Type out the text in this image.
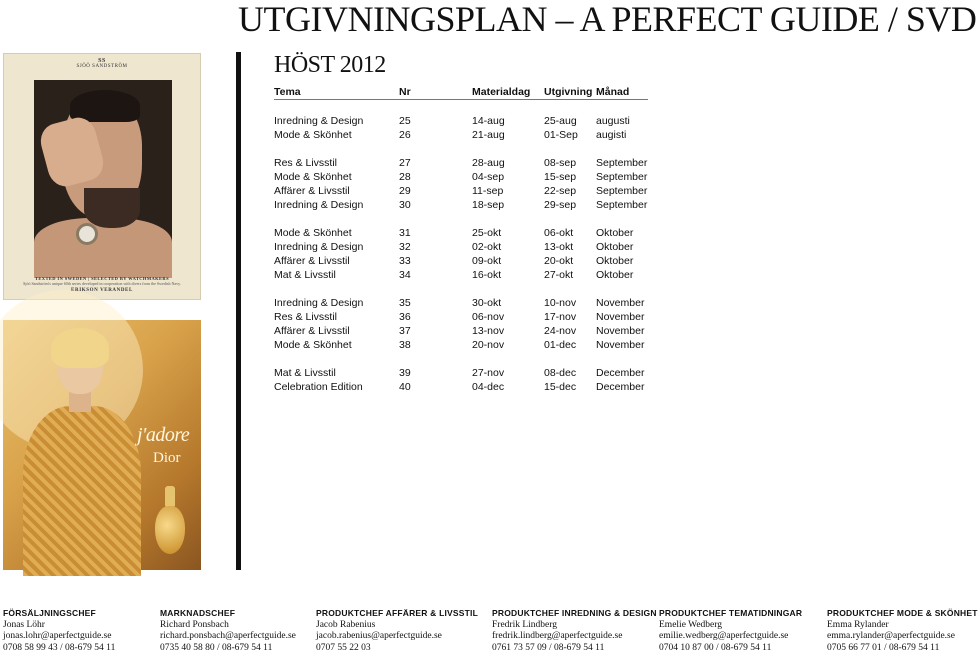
UTGIVNINGSPLAN – A PERFECT GUIDE / SVD
HÖST 2012
SS
SJÖÖ SANDSTRÖM
TEXTED IN SWEDEN | SELECTED BY WATCHMAKERS
Sjöö Sandström's unique 60th series developed in cooperation with divers from the Swedish Navy.
ERIKSON VERANDEL
j'adore
Dior
Tema	Nr	Materialdag	Utgivning	Månad

Inredning & Design	25	14-aug	25-aug	augusti
Mode & Skönhet	26	21-aug	01-Sep	augisti

Res & Livsstil	27	28-aug	08-sep	September
Mode & Skönhet	28	04-sep	15-sep	September
Affärer & Livsstil	29	11-sep	22-sep	September
Inredning & Design	30	18-sep	29-sep	September

Mode & Skönhet	31	25-okt	06-okt	Oktober
Inredning & Design	32	02-okt	13-okt	Oktober
Affärer & Livsstil	33	09-okt	20-okt	Oktober
Mat & Livsstil	34	16-okt	27-okt	Oktober

Inredning & Design	35	30-okt	10-nov	November
Res & Livsstil	36	06-nov	17-nov	November
Affärer & Livsstil	37	13-nov	24-nov	November
Mode & Skönhet	38	20-nov	01-dec	November

Mat & Livsstil	39	27-nov	08-dec	December
Celebration Edition	40	04-dec	15-dec	December
FÖRSÄLJNINGSCHEF
Jonas Löhr
jonas.lohr@aperfectguide.se
0708 58 99 43 / 08-679 54 11
MARKNADSCHEF
Richard Ponsbach
richard.ponsbach@aperfectguide.se
0735 40 58 80 / 08-679 54 11
PRODUKTCHEF AFFÄRER & LIVSSTIL
Jacob Rabenius
jacob.rabenius@aperfectguide.se
0707 55 22 03
PRODUKTCHEF INREDNING & DESIGN
Fredrik Lindberg
fredrik.lindberg@aperfectguide.se
0761 73 57 09 / 08-679 54 11
PRODUKTCHEF TEMATIDNINGAR
Emelie Wedberg
emilie.wedberg@aperfectguide.se
0704 10 87 00 / 08-679 54 11
PRODUKTCHEF MODE & SKÖNHET
Emma Rylander
emma.rylander@aperfectguide.se
0705 66 77 01 / 08-679 54 11
